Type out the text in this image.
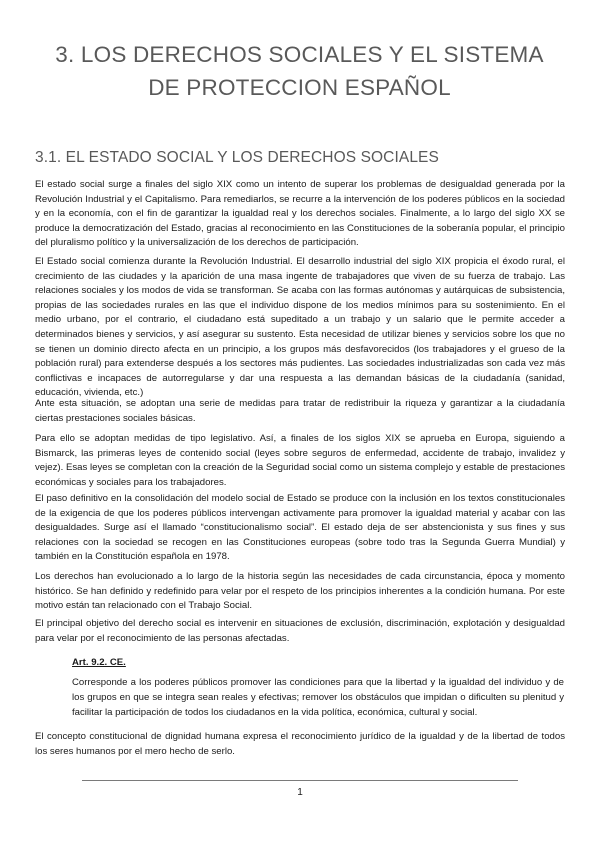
3. LOS DERECHOS SOCIALES Y EL SISTEMA DE PROTECCION ESPAÑOL
3.1. EL ESTADO SOCIAL Y LOS DERECHOS SOCIALES
El estado social surge a finales del siglo XIX como un intento de superar los problemas de desigualdad generada por la Revolución Industrial y el Capitalismo. Para remediarlos, se recurre a la intervención de los poderes públicos en la sociedad y en la economía, con el fin de garantizar la igualdad real y los derechos sociales. Finalmente, a lo largo del siglo XX se produce la democratización del Estado, gracias al reconocimiento en las Constituciones de la soberanía popular, el principio del pluralismo político y la universalización de los derechos de participación.
El Estado social comienza durante la Revolución Industrial. El desarrollo industrial del siglo XIX propicia el éxodo rural, el crecimiento de las ciudades y la aparición de una masa ingente de trabajadores que viven de su fuerza de trabajo. Las relaciones sociales y los modos de vida se transforman. Se acaba con las formas autónomas y autárquicas de subsistencia, propias de las sociedades rurales en las que el individuo dispone de los medios mínimos para su sostenimiento. En el medio urbano, por el contrario, el ciudadano está supeditado a un trabajo y un salario que le permite acceder a determinados bienes y servicios, y así asegurar su sustento. Esta necesidad de utilizar bienes y servicios sobre los que no se tienen un dominio directo afecta en un principio, a los grupos más desfavorecidos (los trabajadores y el grueso de la población rural) para extenderse después a los sectores más pudientes. Las sociedades industrializadas son cada vez más conflictivas e incapaces de autorregularse y dar una respuesta a las demandan básicas de la ciudadanía (sanidad, educación, vivienda, etc.)
Ante esta situación, se adoptan una serie de medidas para tratar de redistribuir la riqueza y garantizar a la ciudadanía ciertas prestaciones sociales básicas.
Para ello se adoptan medidas de tipo legislativo. Así, a finales de los siglos XIX se aprueba en Europa, siguiendo a Bismarck, las primeras leyes de contenido social (leyes sobre seguros de enfermedad, accidente de trabajo, invalidez y vejez). Esas leyes se completan con la creación de la Seguridad social como un sistema complejo y estable de prestaciones económicas y sociales para los trabajadores.
El paso definitivo en la consolidación del modelo social de Estado se produce con la inclusión en los textos constitucionales de la exigencia de que los poderes públicos intervengan activamente para promover la igualdad material y acabar con las desigualdades. Surge así el llamado “constitucionalismo social”. El estado deja de ser abstencionista y sus fines y sus relaciones con la sociedad se recogen en las Constituciones europeas (sobre todo tras la Segunda Guerra Mundial) y también en la Constitución española en 1978.
Los derechos han evolucionado a lo largo de la historia según las necesidades de cada circunstancia, época y momento histórico. Se han definido y redefinido para velar por el respeto de los principios inherentes a la condición humana. Por este motivo están tan relacionado con el Trabajo Social.
El principal objetivo del derecho social es intervenir en situaciones de exclusión, discriminación, explotación y desigualdad para velar por el reconocimiento de las personas afectadas.
Art. 9.2. CE.
Corresponde a los poderes públicos promover las condiciones para que la libertad y la igualdad del individuo y de los grupos en que se integra sean reales y efectivas; remover los obstáculos que impidan o dificulten su plenitud y facilitar la participación de todos los ciudadanos en la vida política, económica, cultural y social.
El concepto constitucional de dignidad humana expresa el reconocimiento jurídico de la igualdad y de la libertad de todos los seres humanos por el mero hecho de serlo.
1
